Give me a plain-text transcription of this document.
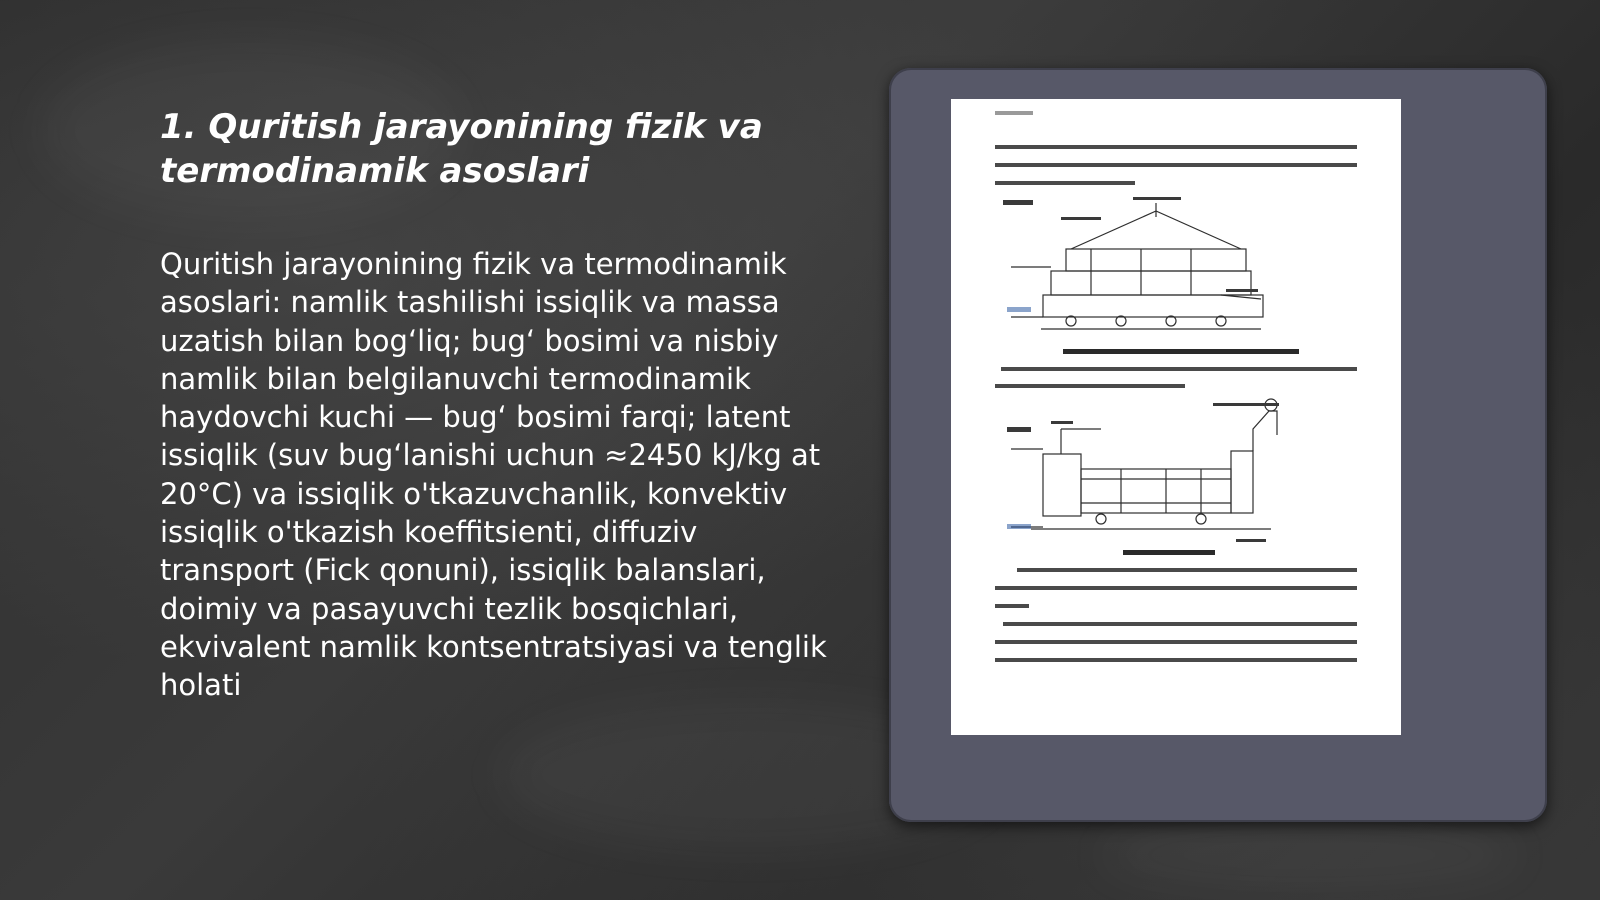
1. Quritish jarayonining fizik va termodinamik asoslari

Quritish jarayonining fizik va termodinamik asoslari: namlik tashilishi issiqlik va massa uzatish bilan bog‘liq; bug‘ bosimi va nisbiy namlik bilan belgilanuvchi termodinamik haydovchi kuchi — bug‘ bosimi farqi; latent issiqlik (suv bug‘lanishi uchun ≈2450 kJ/kg at 20°C) va issiqlik o'tkazuvchanlik, konvektiv issiqlik o'tkazish koeffitsienti, diffuziv transport (Fick qonuni), issiqlik balanslari, doimiy va pasayuvchi tezlik bosqichlari, ekvivalent namlik kontsentratsiyasi va tenglik holati
